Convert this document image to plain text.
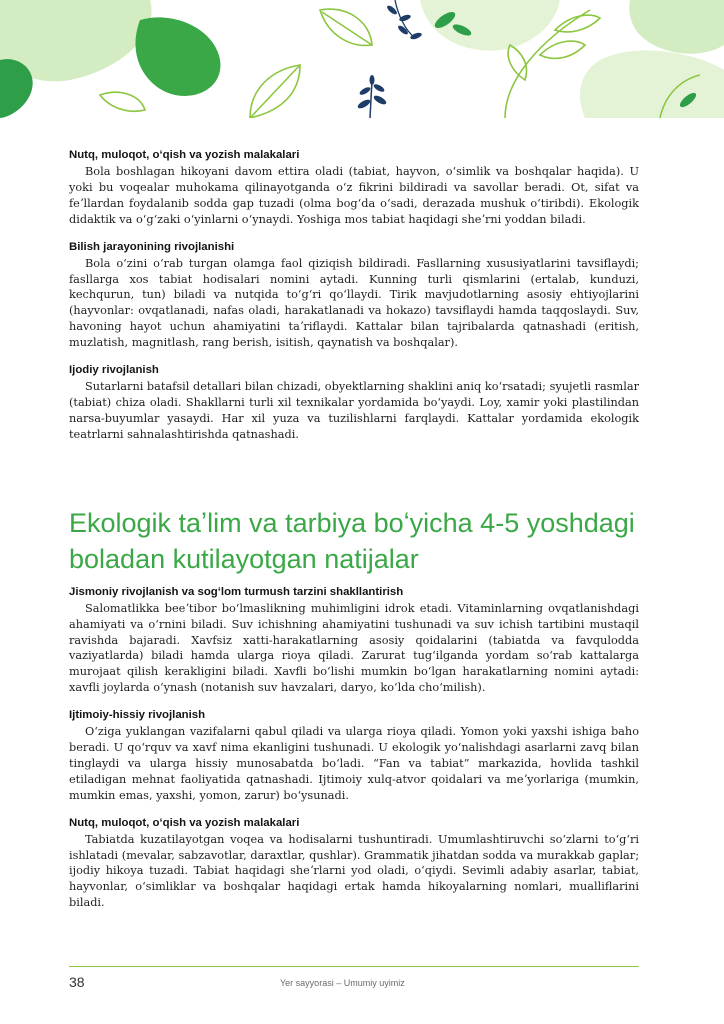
Nutq, muloqot, oʻqish va yozish malakalari

Bola boshlagan hikoyani davom ettira oladi (tabiat, hayvon, oʻsimlik va boshqalar haqida). U yoki bu voqealar muhokama qilinayotganda oʻz fikrini bildiradi va savollar beradi. Ot, sifat va feʼllardan foydalanib sodda gap tuzadi (olma bogʻda oʻsadi, derazada mushuk oʻtiribdi). Ekologik didaktik va oʻgʻzaki oʻyinlarni oʻynaydi. Yoshiga mos tabiat haqidagi sheʼrni yoddan biladi.

Bilish jarayonining rivojlanishi

Bola oʻzini oʻrab turgan olamga faol qiziqish bildiradi. Fasllarning xususiyatlarini tavsiflaydi; fasllarga xos tabiat hodisalari nomini aytadi. Kunning turli qismlarini (ertalab, kunduzi, kechqurun, tun) biladi va nutqida toʻgʻri qoʻllaydi. Tirik mavjudotlarning asosiy ehtiyojlarini (hayvonlar: ovqatlanadi, nafas oladi, harakatlanadi va hokazo) tavsiflaydi hamda taqqoslaydi. Suv, havoning hayot uchun ahamiyatini taʼriflaydi. Kattalar bilan tajribalarda qatnashadi (eritish, muzlatish, magnitlash, rang berish, isitish, qaynatish va boshqalar).

Ijodiy rivojlanish

Sutarlarni batafsil detallari bilan chizadi, obyektlarning shaklini aniq koʻrsatadi; syujetli rasmlar (tabiat) chiza oladi. Shakllarni turli xil texnikalar yordamida boʻyaydi. Loy, xamir yoki plastilindan narsa-buyumlar yasaydi. Har xil yuza va tuzilishlarni farqlaydi. Kattalar yordamida ekologik teatrlarni sahnalashtirishda qatnashadi.

Ekologik taʼlim va tarbiya boʻyicha 4-5 yoshdagi boladan kutilayotgan natijalar
Jismoniy rivojlanish va sogʻlom turmush tarzini shakllantirish

Salomatlikka beeʼtibor boʻlmaslikning muhimligini idrok etadi. Vitaminlarning ovqatlanishdagi ahamiyati va oʻrnini biladi. Suv ichishning ahamiyatini tushunadi va suv ichish tartibini mustaqil ravishda bajaradi. Xavfsiz xatti-harakatlarning asosiy qoidalarini (tabiatda va favqulodda vaziyatlarda) biladi hamda ularga rioya qiladi. Zarurat tugʻilganda yordam soʻrab kattalarga murojaat qilish kerakligini biladi. Xavfli boʻlishi mumkin boʻlgan harakatlarning nomini aytadi: xavfli joylarda oʻynash (notanish suv havzalari, daryo, koʻlda choʻmilish).

Ijtimoiy-hissiy rivojlanish

Oʻziga yuklangan vazifalarni qabul qiladi va ularga rioya qiladi. Yomon yoki yaxshi ishiga baho beradi. U qoʻrquv va xavf nima ekanligini tushunadi. U ekologik yoʻnalishdagi asarlarni zavq bilan tinglaydi va ularga hissiy munosabatda boʻladi. “Fan va tabiat” markazida, hovlida tashkil etiladigan mehnat faoliyatida qatnashadi. Ijtimoiy xulq-atvor qoidalari va meʼyorlariga (mumkin, mumkin emas, yaxshi, yomon, zarur) boʻysunadi.

Nutq, muloqot, oʻqish va yozish malakalari

Tabiatda kuzatilayotgan voqea va hodisalarni tushuntiradi. Umumlashtiruvchi soʻzlarni toʻgʻri ishlatadi (mevalar, sabzavotlar, daraxtlar, qushlar). Grammatik jihatdan sodda va murakkab gaplar; ijodiy hikoya tuzadi. Tabiat haqidagi sheʼrlarni yod oladi, oʻqiydi. Sevimli adabiy asarlar, tabiat, hayvonlar, oʻsimliklar va boshqalar haqidagi ertak hamda hikoyalarning nomlari, mualliflarini biladi.

38	Yer sayyorasi – Umumiy uyimiz
